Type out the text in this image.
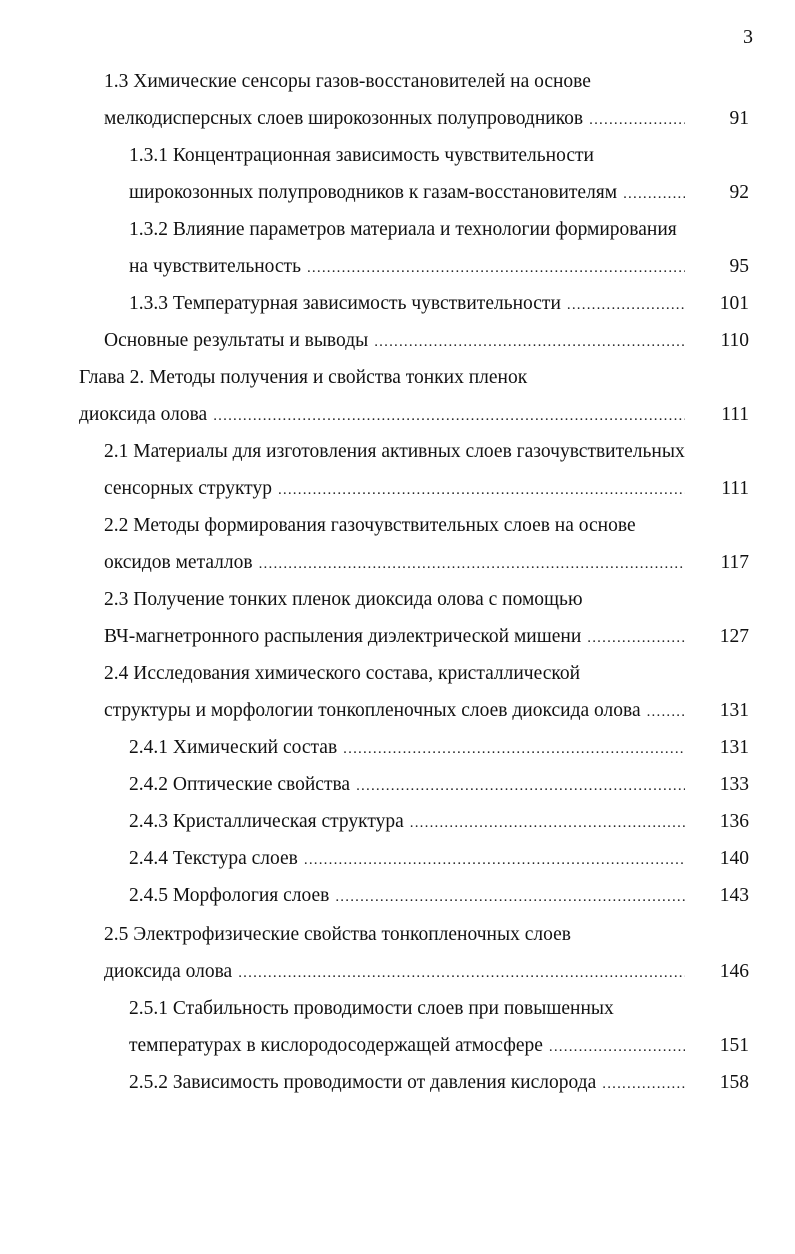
3
1.3 Химические сенсоры газов-восстановителей на основе
мелкодисперсных слоев широкозонных полупроводников .....	91
1.3.1 Концентрационная зависимость чувствительности
широкозонных полупроводников к газам-восстановителям .....	92
1.3.2 Влияние параметров материала и технологии формирования
на чувствительность .....	95
1.3.3 Температурная зависимость чувствительности .....	101
Основные результаты и выводы .....	110
Глава 2. Методы получения и свойства тонких пленок
диоксида олова .....	111
2.1 Материалы для изготовления активных слоев газочувствительных
сенсорных структур .....	111
2.2 Методы формирования газочувствительных слоев на основе
оксидов металлов .....	117
2.3 Получение тонких пленок диоксида олова с помощью
ВЧ-магнетронного распыления диэлектрической мишени .....	127
2.4 Исследования химического состава, кристаллической
структуры и морфологии тонкопленочных слоев диоксида олова .....	131
2.4.1 Химический состав .....	131
2.4.2 Оптические свойства .....	133
2.4.3 Кристаллическая структура .....	136
2.4.4 Текстура слоев .....	140
2.4.5 Морфология слоев .....	143
2.5 Электрофизические свойства тонкопленочных слоев
диоксида олова .....	146
2.5.1 Стабильность проводимости слоев при повышенных
температурах в кислородосодержащей атмосфере .....	151
2.5.2 Зависимость проводимости от давления кислорода .....	158
